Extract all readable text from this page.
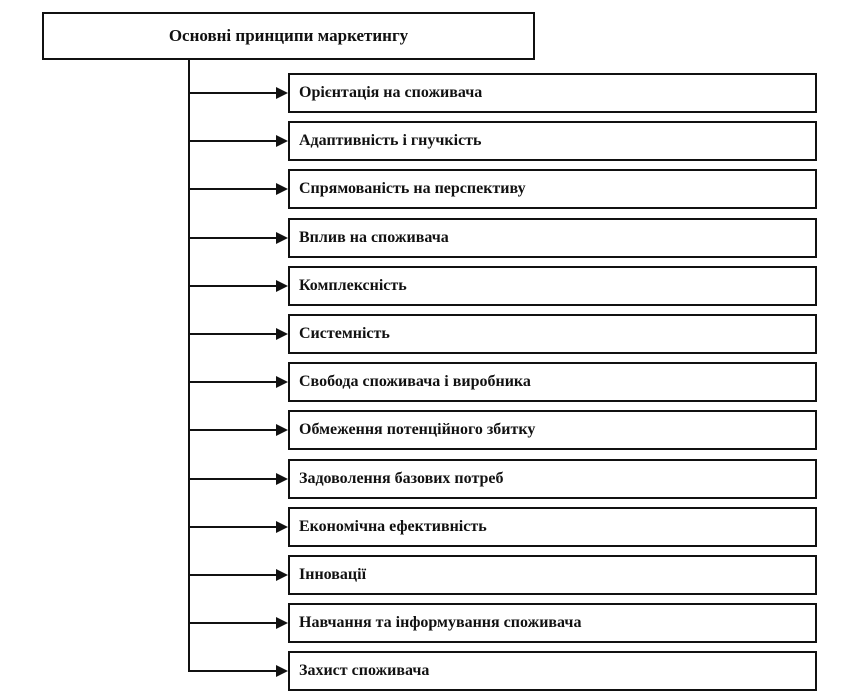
Основні принципи маркетингу
Орієнтація на споживача
Адаптивність і гнучкість
Спрямованість на перспективу
Вплив на споживача
Комплексність
Системність
Свобода споживача і виробника
Обмеження потенційного збитку
Задоволення базових потреб
Економічна ефективність
Інновації
Навчання та інформування споживача
Захист споживача
